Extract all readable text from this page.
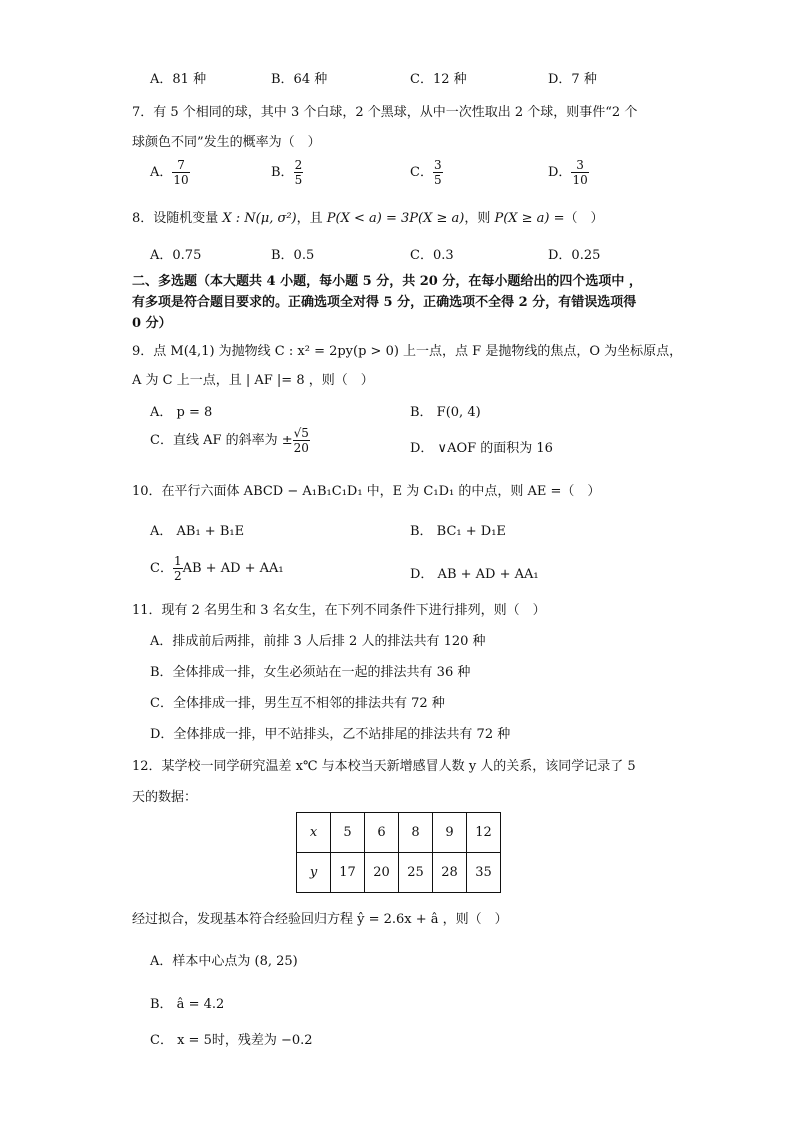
A．81 种	B．64 种	C．12 种	D．7 种
7．有 5 个相同的球，其中 3 个白球，2 个黑球，从中一次性取出 2 个球，则事件“2 个
球颜色不同”发生的概率为（　）
A． $\frac{7}{10}$	B． $\frac{2}{5}$	C． $\frac{3}{5}$	D． $\frac{3}{10}$
8．设随机变量 X : N(μ, σ²)，且 P(X < a) = 3P(X ≥ a)，则 P(X ≥ a) =（　）
A．0.75	B．0.5	C．0.3	D．0.25
二、多选题（本大题共 4 小题，每小题 5 分，共 20 分，在每小题给出的四个选项中 ，
有多项是符合题目要求的。正确选项全对得 5 分，正确选项不全得 2 分，有错误选项得
0 分）
9．点 M(4,1) 为抛物线 C : x² = 2py(p > 0) 上一点，点 F 是抛物线的焦点，O 为坐标原点，
A 为 C 上一点，且 | AF |= 8 ，则（　）
A． p = 8	B． F(0, 4)
C．直线 AF 的斜率为 ± $\frac{√5}{20}$	D． ∨AOF 的面积为 16
10．在平行六面体 ABCD − A₁B₁C₁D₁ 中，E 为 C₁D₁ 的中点，则 AE =（　）
A． AB₁ + B₁E	B． BC₁ + D₁E
C． $\frac{1}{2}$ AB + AD + AA₁	D． AB + AD + AA₁
11．现有 2 名男生和 3 名女生，在下列不同条件下进行排列，则（　）
A．排成前后两排，前排 3 人后排 2 人的排法共有 120 种
B．全体排成一排，女生必须站在一起的排法共有 36 种
C．全体排成一排，男生互不相邻的排法共有 72 种
D．全体排成一排，甲不站排头，乙不站排尾的排法共有 72 种
12．某学校一同学研究温差 x℃ 与本校当天新增感冒人数 y 人的关系，该同学记录了 5
天的数据：
x	5	6	8	9	12
y	17	20	25	28	35
经过拟合，发现基本符合经验回归方程 ŷ = 2.6x + â ，则（　）
A．样本中心点为 (8, 25)
B． â = 4.2
C． x = 5时，残差为 −0.2
